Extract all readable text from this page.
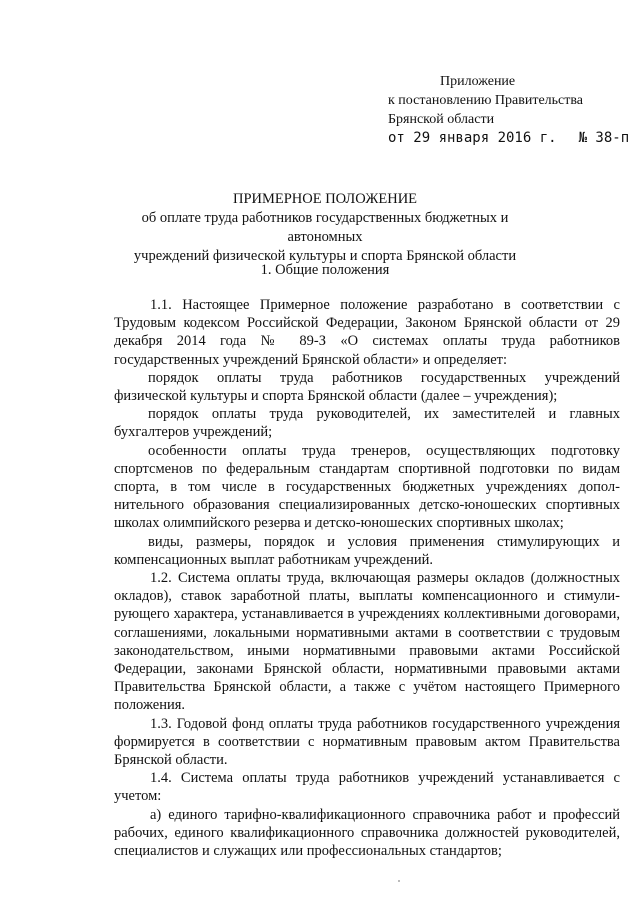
Приложение
к постановлению Правительства
Брянской области
от 29 января 2016 г. № 38-п
ПРИМЕРНОЕ ПОЛОЖЕНИЕ
об оплате труда работников государственных бюджетных и автономных
учреждений физической культуры и спорта Брянской области
1. Общие положения

1.1. Настоящее Примерное положение разработано в соответствии с Трудовым кодексом Российской Федерации, Законом Брянской области от 29 декабря 2014 года № 89-З «О системах оплаты труда работников государственных учреждений Брянской области» и определяет:

порядок оплаты труда работников государственных учреждений физической культуры и спорта Брянской области (далее – учреждения);

порядок оплаты труда руководителей, их заместителей и главных бухгалтеров учреждений;

особенности оплаты труда тренеров, осуществляющих подготовку спортсменов по федеральным стандартам спортивной подготовки по видам спорта, в том числе в государственных бюджетных учреждениях дополнительного образования специализированных детско-юношеских спортивных школах олимпийского резерва и детско-юношеских спортивных школах;

виды, размеры, порядок и условия применения стимулирующих и компенсационных выплат работникам учреждений.

1.2. Система оплаты труда, включающая размеры окладов (должностных окладов), ставок заработной платы, выплаты компенсационного и стимулирующего характера, устанавливается в учреждениях коллективными договорами, соглашениями, локальными нормативными актами в соответствии с трудовым законодательством, иными нормативными правовыми актами Российской Федерации, законами Брянской области, нормативными правовыми актами Правительства Брянской области, а также с учётом настоящего Примерного положения.

1.3. Годовой фонд оплаты труда работников государственного учреждения формируется в соответствии с нормативным правовым актом Правительства Брянской области.

1.4. Система оплаты труда работников учреждений устанавливается с учетом:

а) единого тарифно-квалификационного справочника работ и профессий рабочих, единого квалификационного справочника должностей руководителей, специалистов и служащих или профессиональных стандартов;
